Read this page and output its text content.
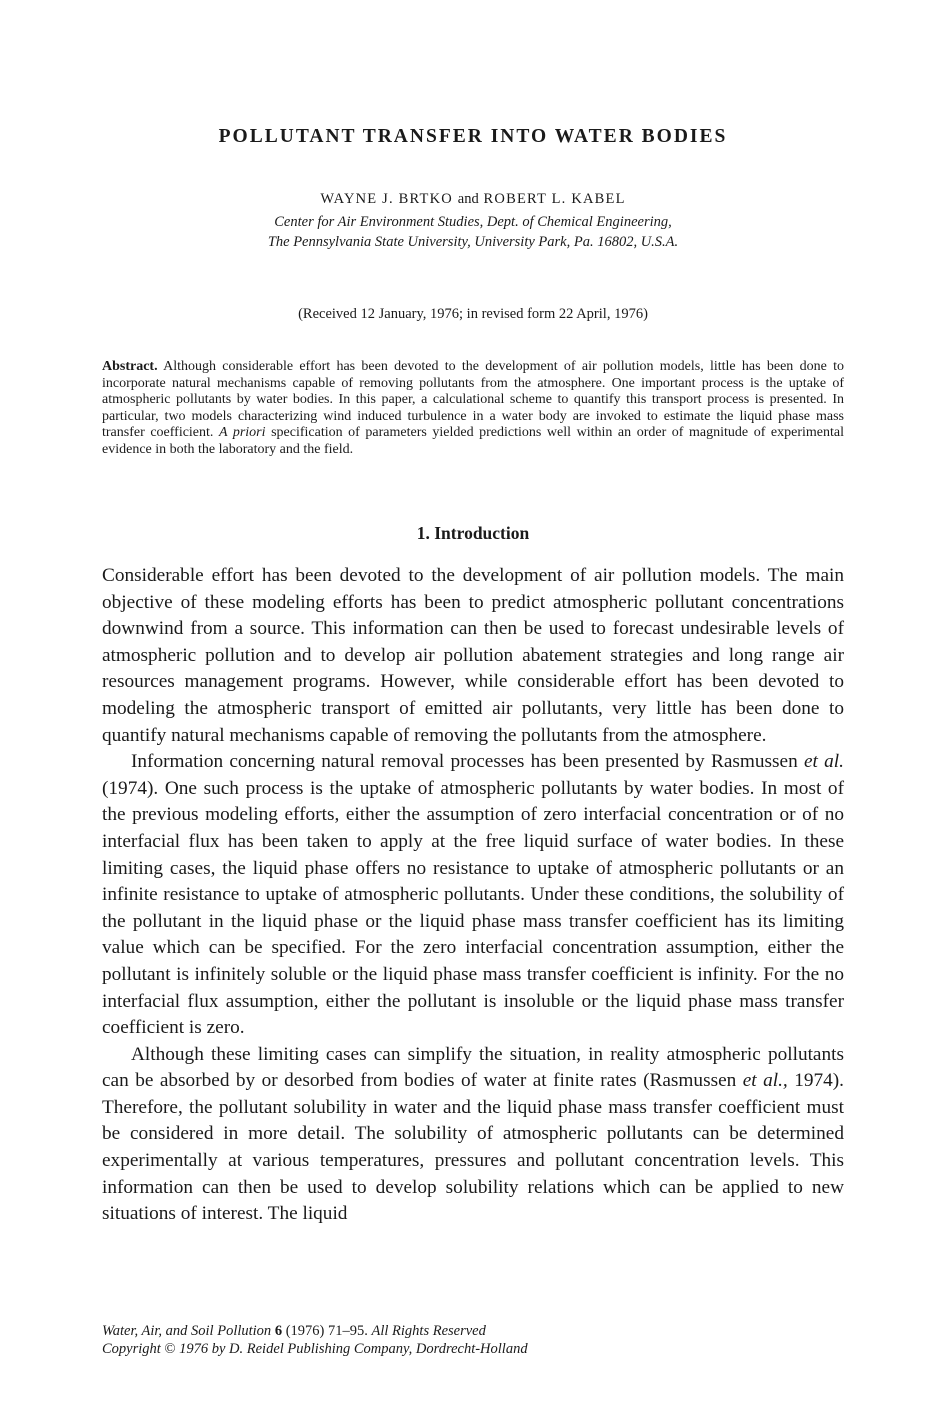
POLLUTANT TRANSFER INTO WATER BODIES
WAYNE J. BRTKO and ROBERT L. KABEL
Center for Air Environment Studies, Dept. of Chemical Engineering,
The Pennsylvania State University, University Park, Pa. 16802, U.S.A.
(Received 12 January, 1976; in revised form 22 April, 1976)

Abstract. Although considerable effort has been devoted to the development of air pollution models, little has been done to incorporate natural mechanisms capable of removing pollutants from the atmosphere. One important process is the uptake of atmospheric pollutants by water bodies. In this paper, a calculational scheme to quantify this transport process is presented. In particular, two models characterizing wind induced turbulence in a water body are invoked to estimate the liquid phase mass transfer coefficient. A priori specification of parameters yielded predictions well within an order of magnitude of experimental evidence in both the laboratory and the field.

1. Introduction

Considerable effort has been devoted to the development of air pollution models. The main objective of these modeling efforts has been to predict atmospheric pollutant concentrations downwind from a source. This information can then be used to forecast undesirable levels of atmospheric pollution and to develop air pollution abatement strategies and long range air resources management programs. However, while considerable effort has been devoted to modeling the atmospheric transport of emitted air pollutants, very little has been done to quantify natural mechanisms capable of removing the pollutants from the atmosphere.

Information concerning natural removal processes has been presented by Rasmussen et al. (1974). One such process is the uptake of atmospheric pollutants by water bodies. In most of the previous modeling efforts, either the assumption of zero interfacial concentration or of no interfacial flux has been taken to apply at the free liquid surface of water bodies. In these limiting cases, the liquid phase offers no resistance to uptake of atmospheric pollutants or an infinite resistance to uptake of atmospheric pollutants. Under these conditions, the solubility of the pollutant in the liquid phase or the liquid phase mass transfer coefficient has its limiting value which can be specified. For the zero interfacial concentration assumption, either the pollutant is infinitely soluble or the liquid phase mass transfer coefficient is infinity. For the no interfacial flux assumption, either the pollutant is insoluble or the liquid phase mass transfer coefficient is zero.

Although these limiting cases can simplify the situation, in reality atmospheric pollutants can be absorbed by or desorbed from bodies of water at finite rates (Rasmussen et al., 1974). Therefore, the pollutant solubility in water and the liquid phase mass transfer coefficient must be considered in more detail. The solubility of atmospheric pollutants can be determined experimentally at various temperatures, pressures and pollutant concentration levels. This information can then be used to develop solubility relations which can be applied to new situations of interest. The liquid

Water, Air, and Soil Pollution 6 (1976) 71–95. All Rights Reserved
Copyright © 1976 by D. Reidel Publishing Company, Dordrecht-Holland
